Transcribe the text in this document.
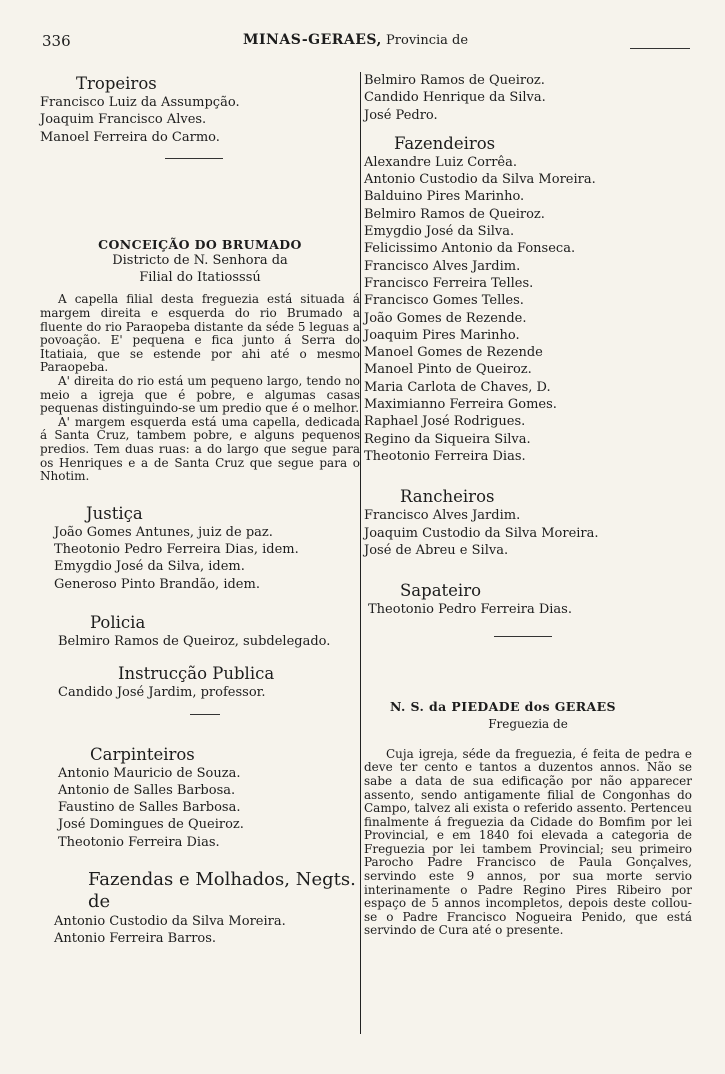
336	MINAS-GERAES, Provincia de
Tropeiros
Francisco Luiz da Assumpção.
Joaquim Francisco Alves.
Manoel Ferreira do Carmo.
CONCEIÇÃO DO BRUMADO
Districto de N. Senhora da
Filial do Itatiosssú
A capella filial desta freguezia está situada á margem direita e esquerda do rio Brumado a fluente do rio Paraopeba distante da séde 5 leguas a povoação. E' pequena e fica junto á Serra do Itatiaia, que se estende por ahi até o mesmo Paraopeba.
A' direita do rio está um pequeno largo, tendo no meio a igreja que é pobre, e algumas casas pequenas distinguindo-se um predio que é o melhor.
A' margem esquerda está uma capella, dedicada á Santa Cruz, tambem pobre, e alguns pequenos predios. Tem duas ruas: a do largo que segue para os Henriques e a de Santa Cruz que segue para o Nhotim.
Justiça
João Gomes Antunes, juiz de paz.
Theotonio Pedro Ferreira Dias, idem.
Emygdio José da Silva, idem.
Generoso Pinto Brandão, idem.
Policia
Belmiro Ramos de Queiroz, subdelegado.
Instrucção Publica
Candido José Jardim, professor.
Carpinteiros
Antonio Mauricio de Souza.
Antonio de Salles Barbosa.
Faustino de Salles Barbosa.
José Domingues de Queiroz.
Theotonio Ferreira Dias.
Fazendas e Molhados, Negts. de
Antonio Custodio da Silva Moreira.
Antonio Ferreira Barros.
Belmiro Ramos de Queiroz.
Candido Henrique da Silva.
José Pedro.
Fazendeiros
Alexandre Luiz Corrêa.
Antonio Custodio da Silva Moreira.
Balduino Pires Marinho.
Belmiro Ramos de Queiroz.
Emygdio José da Silva.
Felicissimo Antonio da Fonseca.
Francisco Alves Jardim.
Francisco Ferreira Telles.
Francisco Gomes Telles.
João Gomes de Rezende.
Joaquim Pires Marinho.
Manoel Gomes de Rezende
Manoel Pinto de Queiroz.
Maria Carlota de Chaves, D.
Maximianno Ferreira Gomes.
Raphael José Rodrigues.
Regino da Siqueira Silva.
Theotonio Ferreira Dias.
Rancheiros
Francisco Alves Jardim.
Joaquim Custodio da Silva Moreira.
José de Abreu e Silva.
Sapateiro
Theotonio Pedro Ferreira Dias.
N. S. da PIEDADE dos GERAES
Freguezia de
Cuja igreja, séde da freguezia, é feita de pedra e deve ter cento e tantos a duzentos annos. Não se sabe a data de sua edificação por não apparecer assento, sendo antigamente filial de Congonhas do Campo, talvez ali exista o referido assento. Pertenceu finalmente á freguezia da Cidade do Bomfim por lei Provincial, e em 1840 foi elevada a categoria de Freguezia por lei tambem Provincial; seu primeiro Parocho Padre Francisco de Paula Gonçalves, servindo este 9 annos, por sua morte servio interinamente o Padre Regino Pires Ribeiro por espaço de 5 annos incompletos, depois deste collou-se o Padre Francisco Nogueira Penido, que está servindo de Cura até o presente.
